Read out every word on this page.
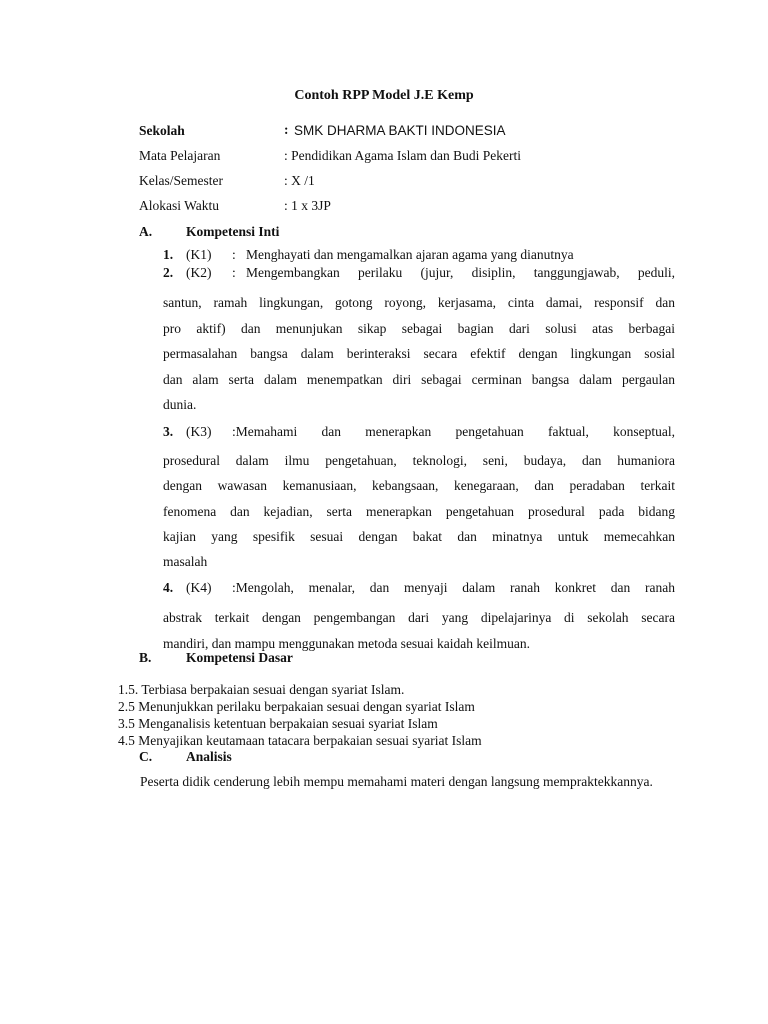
Contoh RPP Model J.E Kemp
Sekolah	: SMK DHARMA BAKTI INDONESIA
Mata Pelajaran	: Pendidikan Agama Islam dan Budi Pekerti
Kelas/Semester	: X /1
Alokasi Waktu	: 1 x 3JP
A.	Kompetensi Inti
1. (K1) : Menghayati dan mengamalkan ajaran agama yang dianutnya
2. (K2) : Mengembangkan perilaku (jujur, disiplin, tanggungjawab, peduli,
santun, ramah lingkungan, gotong royong, kerjasama, cinta damai, responsif dan
pro aktif) dan menunjukan sikap sebagai bagian dari solusi atas berbagai
permasalahan bangsa dalam berinteraksi secara efektif dengan lingkungan sosial
dan alam serta dalam menempatkan diri sebagai cerminan bangsa dalam pergaulan
dunia.
3. (K3) :Memahami dan menerapkan pengetahuan faktual, konseptual,
prosedural dalam ilmu pengetahuan, teknologi, seni, budaya, dan humaniora
dengan wawasan kemanusiaan, kebangsaan, kenegaraan, dan peradaban terkait
fenomena dan kejadian, serta menerapkan pengetahuan prosedural pada bidang
kajian yang spesifik sesuai dengan bakat dan minatnya untuk memecahkan
masalah
4. (K4) :Mengolah, menalar, dan menyaji dalam ranah konkret dan ranah
abstrak terkait dengan pengembangan dari yang dipelajarinya di sekolah secara
mandiri, dan mampu menggunakan metoda sesuai kaidah keilmuan.
B.	Kompetensi Dasar
1.5. Terbiasa berpakaian sesuai dengan syariat Islam.
2.5 Menunjukkan perilaku berpakaian sesuai dengan syariat Islam
3.5 Menganalisis ketentuan berpakaian sesuai syariat Islam
4.5 Menyajikan keutamaan tatacara berpakaian sesuai syariat Islam
C.	Analisis
Peserta didik cenderung lebih mempu memahami materi dengan langsung mempraktekkannya.
